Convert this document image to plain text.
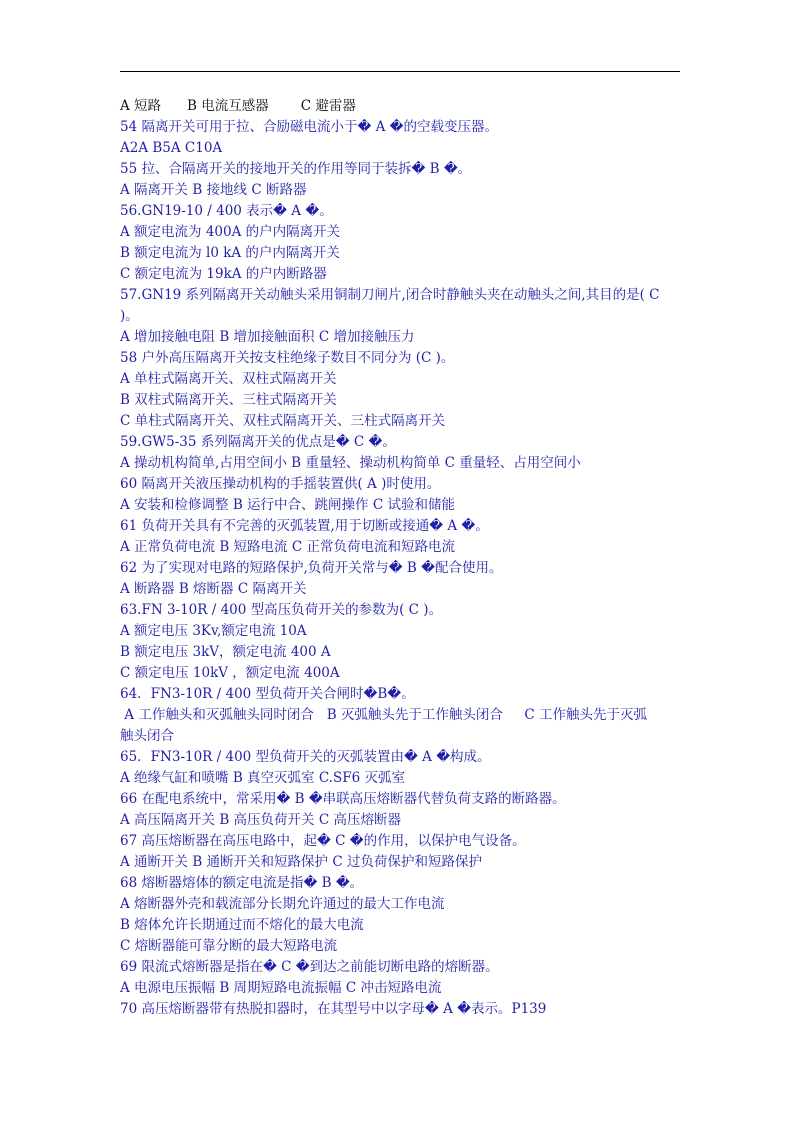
A 短路 B 电流互感器 C 避雷器
54 隔离开关可用于拉、合励磁电流小于� A �的空载变压器。
A2A B5A C10A
55 拉、合隔离开关的接地开关的作用等同于装拆� B �。
A 隔离开关 B 接地线 C 断路器
56.GN19-10 / 400 表示� A �。
A 额定电流为 400A 的户内隔离开关
B 额定电流为 l0 kA 的户内隔离开关
C 额定电流为 19kA 的户内断路器
57.GN19 系列隔离开关动触头采用铜制刀闸片,闭合时静触头夹在动触头之间,其目的是( C
)。
A 增加接触电阻 B 增加接触面积 C 增加接触压力
58 户外高压隔离开关按支柱绝缘子数目不同分为 (C )。
A 单柱式隔离开关、双柱式隔离开关
B 双柱式隔离开关、三柱式隔离开关
C 单柱式隔离开关、双柱式隔离开关、三柱式隔离开关
59.GW5-35 系列隔离开关的优点是� C �。
A 操动机构简单,占用空间小 B 重量轻、操动机构简单 C 重量轻、占用空间小
60 隔离开关液压操动机构的手摇装置供( A )时使用。
A 安装和检修调整 B 运行中合、跳闸操作 C 试验和储能
61 负荷开关具有不完善的灭弧装置,用于切断或接通� A �。
A 正常负荷电流 B 短路电流 C 正常负荷电流和短路电流
62 为了实现对电路的短路保护,负荷开关常与� B �配合使用。
A 断路器 B 熔断器 C 隔离开关
63.FN 3-10R / 400 型高压负荷开关的参数为( C )。
A 额定电压 3Kv,额定电流 10A
B 额定电压 3kV，额定电流 400 A
C 额定电压 10kV ，额定电流 400A
64．FN3-10R / 400 型负荷开关合闸时�B�。
A 工作触头和灭弧触头同时闭合   B 灭弧触头先于工作触头闭合     C 工作触头先于灭弧
触头闭合
65．FN3-10R / 400 型负荷开关的灭弧装置由� A �构成。
A 绝缘气缸和喷嘴 B 真空灭弧室 C.SF6 灭弧室
66 在配电系统中，常采用� B �串联高压熔断器代替负荷支路的断路器。
A 高压隔离开关 B 高压负荷开关 C 高压熔断器
67 高压熔断器在高压电路中，起� C �的作用，以保护电气设备。
A 通断开关 B 通断开关和短路保护 C 过负荷保护和短路保护
68 熔断器熔体的额定电流是指� B �。
A 熔断器外壳和载流部分长期允许通过的最大工作电流
B 熔体允许长期通过而不熔化的最大电流
C 熔断器能可靠分断的最大短路电流
69 限流式熔断器是指在� C �到达之前能切断电路的熔断器。
A 电源电压振幅 B 周期短路电流振幅 C 冲击短路电流
70 高压熔断器带有热脱扣器时，在其型号中以字母� A �表示。P139
